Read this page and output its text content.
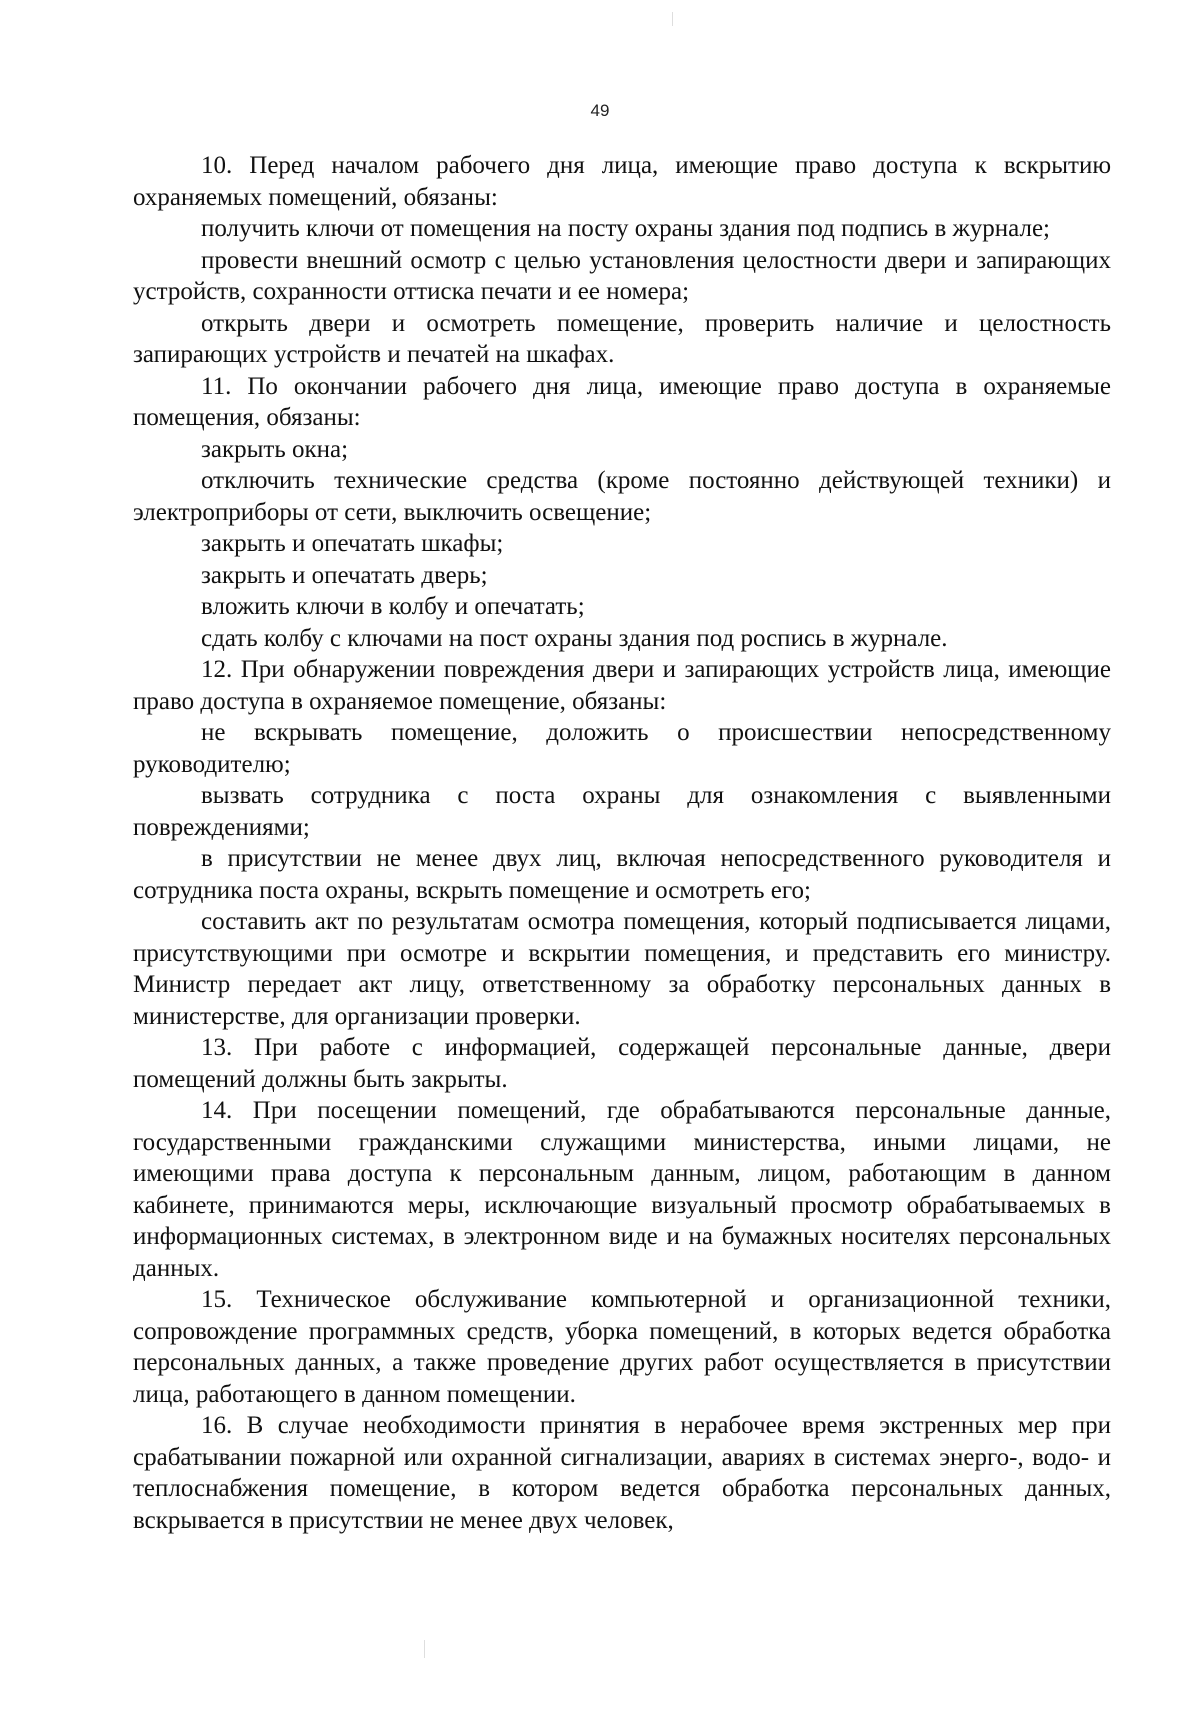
49

10. Перед началом рабочего дня лица, имеющие право доступа к вскрытию охраняемых помещений, обязаны:

получить ключи от помещения на посту охраны здания под подпись в журнале;

провести внешний осмотр с целью установления целостности двери и запирающих устройств, сохранности оттиска печати и ее номера;

открыть двери и осмотреть помещение, проверить наличие и целостность запирающих устройств и печатей на шкафах.

11. По окончании рабочего дня лица, имеющие право доступа в охраняемые помещения, обязаны:

закрыть окна;

отключить технические средства (кроме постоянно действующей техники) и электроприборы от сети, выключить освещение;

закрыть и опечатать шкафы;

закрыть и опечатать дверь;

вложить ключи в колбу и опечатать;

сдать колбу с ключами на пост охраны здания под роспись в журнале.

12. При обнаружении повреждения двери и запирающих устройств лица, имеющие право доступа в охраняемое помещение, обязаны:

не вскрывать помещение, доложить о происшествии непосредственному руководителю;

вызвать сотрудника с поста охраны для ознакомления с выявленными повреждениями;

в присутствии не менее двух лиц, включая непосредственного руководителя и сотрудника поста охраны, вскрыть помещение и осмотреть его;

составить акт по результатам осмотра помещения, который подписывается лицами, присутствующими при осмотре и вскрытии помещения, и представить его министру. Министр передает акт лицу, ответственному за обработку персональных данных в министерстве, для организации проверки.

13. При работе с информацией, содержащей персональные данные, двери помещений должны быть закрыты.

14. При посещении помещений, где обрабатываются персональные данные, государственными гражданскими служащими министерства, иными лицами, не имеющими права доступа к персональным данным, лицом, работающим в данном кабинете, принимаются меры, исключающие визуальный просмотр обрабатываемых в информационных системах, в электронном виде и на бумажных носителях персональных данных.

15. Техническое обслуживание компьютерной и организационной техники, сопровождение программных средств, уборка помещений, в которых ведется обработка персональных данных, а также проведение других работ осуществляется в присутствии лица, работающего в данном помещении.

16. В случае необходимости принятия в нерабочее время экстренных мер при срабатывании пожарной или охранной сигнализации, авариях в системах энерго-, водо- и теплоснабжения помещение, в котором ведется обработка персональных данных, вскрывается в присутствии не менее двух человек,
